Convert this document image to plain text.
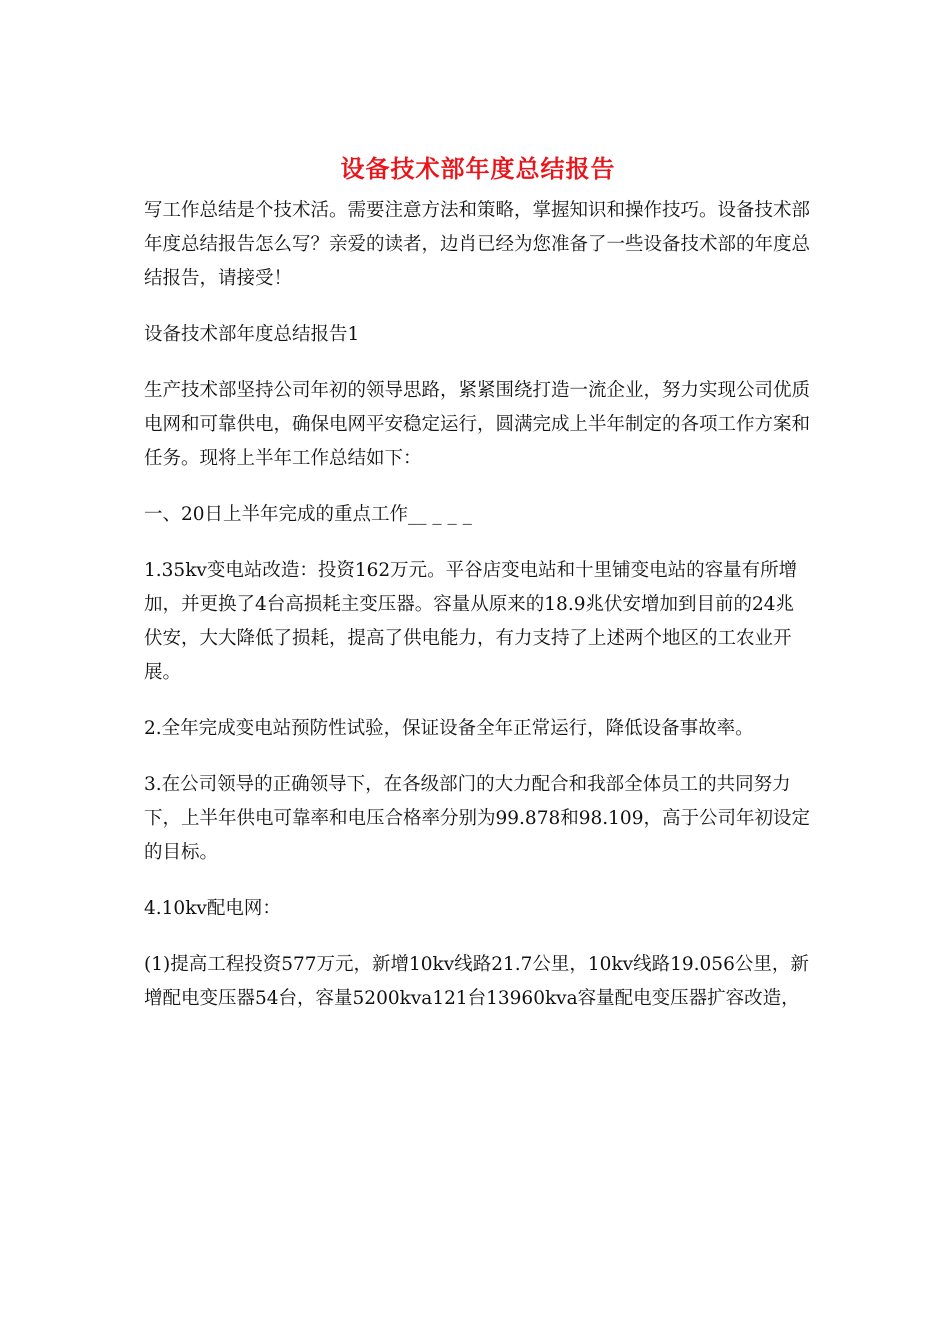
设备技术部年度总结报告

写工作总结是个技术活。需要注意方法和策略，掌握知识和操作技巧。设备技术部年度总结报告怎么写？亲爱的读者，边肖已经为您准备了一些设备技术部的年度总结报告，请接受！

设备技术部年度总结报告1

生产技术部坚持公司年初的领导思路，紧紧围绕打造一流企业，努力实现公司优质电网和可靠供电，确保电网平安稳定运行，圆满完成上半年制定的各项工作方案和任务。现将上半年工作总结如下：

一、20日上半年完成的重点工作__ _ _ _

1.35kv变电站改造：投资162万元。平谷店变电站和十里铺变电站的容量有所增加，并更换了4台高损耗主变压器。容量从原来的18.9兆伏安增加到目前的24兆伏安，大大降低了损耗，提高了供电能力，有力支持了上述两个地区的工农业开展。

2.全年完成变电站预防性试验，保证设备全年正常运行，降低设备事故率。

3.在公司领导的正确领导下，在各级部门的大力配合和我部全体员工的共同努力下，上半年供电可靠率和电压合格率分别为99.878和98.109，高于公司年初设定的目标。

4.10kv配电网：

(1)提高工程投资577万元，新增10kv线路21.7公里，10kv线路19.056公里，新增配电变压器54台，容量5200kva121台13960kva容量配电变压器扩容改造，
